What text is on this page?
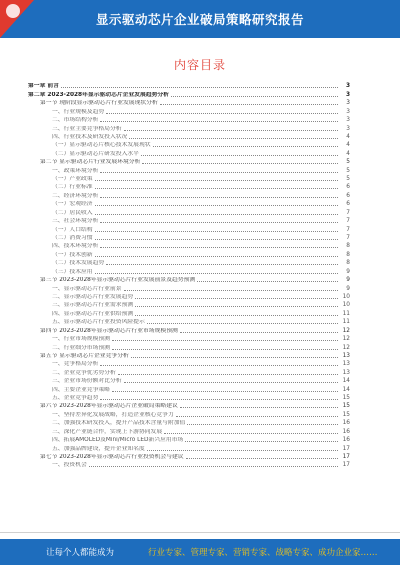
显示驱动芯片企业破局策略研究报告
内容目录
第一章 前言	3
第二章 2023-2028年显示驱动芯片企业发展趋势分析	3
第一节 现阶段显示驱动芯片行业发展现状分析	3
一、行业规模及趋势	3
二、市场结构分析	3
三、行业主要竞争格局分析	3
四、行业技术及研发投入状况	4
（一）显示驱动芯片核心技术发展现状	4
（二）显示驱动芯片研发投入水平	4
第二节 显示驱动芯片行业发展环境分析	5
一、政策环境分析	5
（一）产业政策	5
（二）行业标准	6
二、经济环境分析	6
（一）宏观经济	6
（二）居民收入	7
三、社会环境分析	7
（一）人口结构	7
（二）消费习惯	7
四、技术环境分析	8
（一）技术创新	8
（二）技术发展趋势	8
（三）技术应用	9
第三节 2023-2028年显示驱动芯片行业发展前景及趋势预测	9
一、显示驱动芯片行业前景	9
二、显示驱动芯片行业发展趋势	10
三、显示驱动芯片行业需求预测	10
四、显示驱动芯片行业供给预测	11
五、显示驱动芯片行业投资风险提示	11
第四节 2023-2028年显示驱动芯片行业市场规模预测	12
一、行业市场规模预测	12
二、行业细分市场预测	12
第五节 显示驱动芯片企业竞争分析	13
一、竞争格局分析	13
二、企业竞争优劣势分析	13
三、企业市场份额对比分析	14
四、主要企业竞争策略	14
五、企业竞争趋势	15
第六节 2023-2028年显示驱动芯片企业破局策略建议	15
一、坚持差异化发展战略，打造企业核心竞争力	15
二、加强技术研发投入，提升产品技术含量与附加值	16
三、深化产业链合作，实现上下游协同发展	16
四、拓展AMOLED及Mini/Micro LED新兴应用市场	16
五、加强品牌建设，提升企业知名度	17
第七节 2023-2028年显示驱动芯片行业投资机会与建议	17
一、投资机会	17
让每个人都能成为	行业专家、管理专家、营销专家、战略专家、成功企业家……
